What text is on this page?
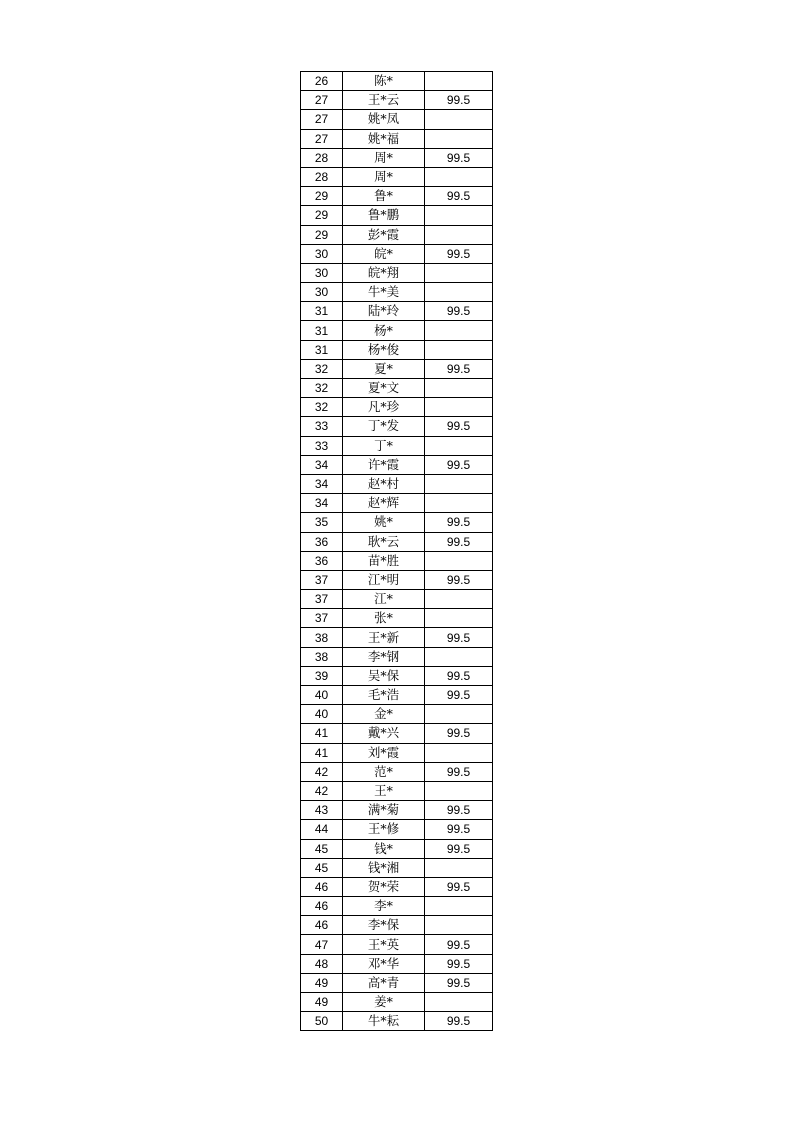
26	陈*	
27	王*云	99.5
27	姚*凤	
27	姚*福	
28	周*	99.5
28	周*	
29	鲁*	99.5
29	鲁*鹏	
29	彭*霞	
30	皖*	99.5
30	皖*翔	
30	牛*美	
31	陆*玲	99.5
31	杨*	
31	杨*俊	
32	夏*	99.5
32	夏*文	
32	凡*珍	
33	丁*发	99.5
33	丁*	
34	许*霞	99.5
34	赵*村	
34	赵*辉	
35	姚*	99.5
36	耿*云	99.5
36	苗*胜	
37	江*明	99.5
37	江*	
37	张*	
38	王*新	99.5
38	李*钢	
39	吴*保	99.5
40	毛*浩	99.5
40	金*	
41	戴*兴	99.5
41	刘*霞	
42	范*	99.5
42	王*	
43	满*菊	99.5
44	王*修	99.5
45	钱*	99.5
45	钱*湘	
46	贺*荣	99.5
46	李*	
46	李*保	
47	王*英	99.5
48	邓*华	99.5
49	高*青	99.5
49	姜*	
50	牛*耘	99.5
